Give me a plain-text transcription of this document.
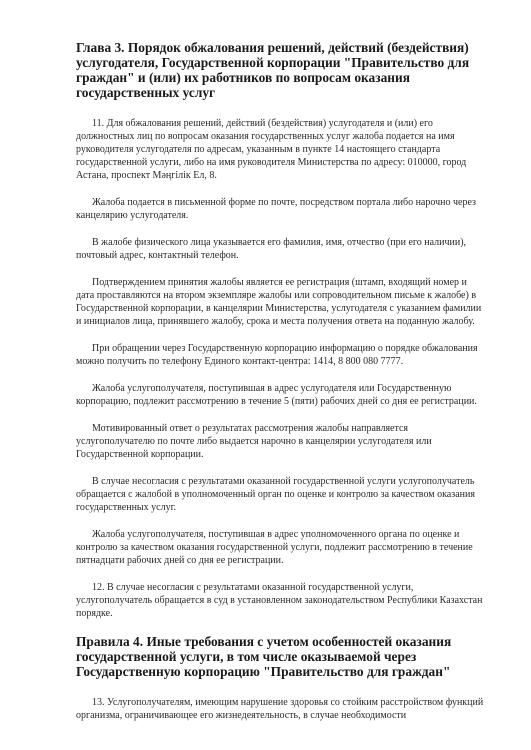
Глава 3. Порядок обжалования решений, действий (бездействия) услугодателя, Государственной корпорации "Правительство для граждан" и (или) их работников по вопросам оказания государственных услуг

11. Для обжалования решений, действий (бездействия) услугодателя и (или) его должностных лиц по вопросам оказания государственных услуг жалоба подается на имя руководителя услугодателя по адресам, указанным в пункте 14 настоящего стандарта государственной услуги, либо на имя руководителя Министерства по адресу: 010000, город Астана, проспект Мәңгілік Ел, 8.

Жалоба подается в письменной форме по почте, посредством портала либо нарочно через канцелярию услугодателя.

В жалобе физического лица указывается его фамилия, имя, отчество (при его наличии), почтовый адрес, контактный телефон.

Подтверждением принятия жалобы является ее регистрация (штамп, входящий номер и дата проставляются на втором экземпляре жалобы или сопроводительном письме к жалобе) в Государственной корпорации, в канцелярии Министерства, услугодателя с указанием фамилии и инициалов лица, принявшего жалобу, срока и места получения ответа на поданную жалобу.

При обращении через Государственную корпорацию информацию о порядке обжалования можно получить по телефону Единого контакт-центра: 1414, 8 800 080 7777.

Жалоба услугополучателя, поступившая в адрес услугодателя или Государственную корпорацию, подлежит рассмотрению в течение 5 (пяти) рабочих дней со дня ее регистрации.

Мотивированный ответ о результатах рассмотрения жалобы направляется услугополучателю по почте либо выдается нарочно в канцелярии услугодателя или Государственной корпорации.

В случае несогласия с результатами оказанной государственной услуги услугополучатель обращается с жалобой в уполномоченный орган по оценке и контролю за качеством оказания государственных услуг.

Жалоба услугополучателя, поступившая в адрес уполномоченного органа по оценке и контролю за качеством оказания государственной услуги, подлежит рассмотрению в течение пятнадцати рабочих дней со дня ее регистрации.

12. В случае несогласия с результатами оказанной государственной услуги, услугополучатель обращается в суд в установленном законодательством Республики Казахстан порядке.

Правила 4. Иные требования с учетом особенностей оказания государственной услуги, в том числе оказываемой через Государственную корпорацию "Правительство для граждан"

13. Услугополучателям, имеющим нарушение здоровья со стойким расстройством функций организма, ограничивающее его жизнедеятельность, в случае необходимости
